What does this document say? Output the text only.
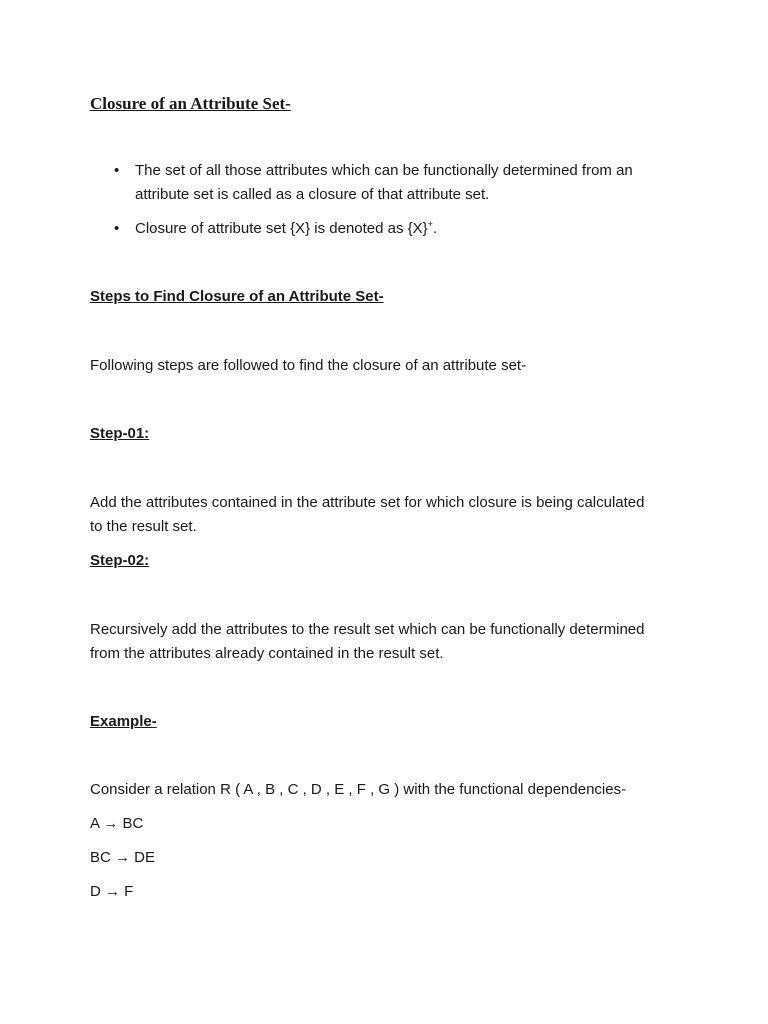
Closure of an Attribute Set-
• The set of all those attributes which can be functionally determined from an attribute set is called as a closure of that attribute set.
• Closure of attribute set {X} is denoted as {X}+.
Steps to Find Closure of an Attribute Set-

Following steps are followed to find the closure of an attribute set-

Step-01:

Add the attributes contained in the attribute set for which closure is being calculated to the result set.

Step-02:

Recursively add the attributes to the result set which can be functionally determined from the attributes already contained in the result set.

Example-

Consider a relation R ( A , B , C , D , E , F , G ) with the functional dependencies-

A → BC

BC → DE

D → F
